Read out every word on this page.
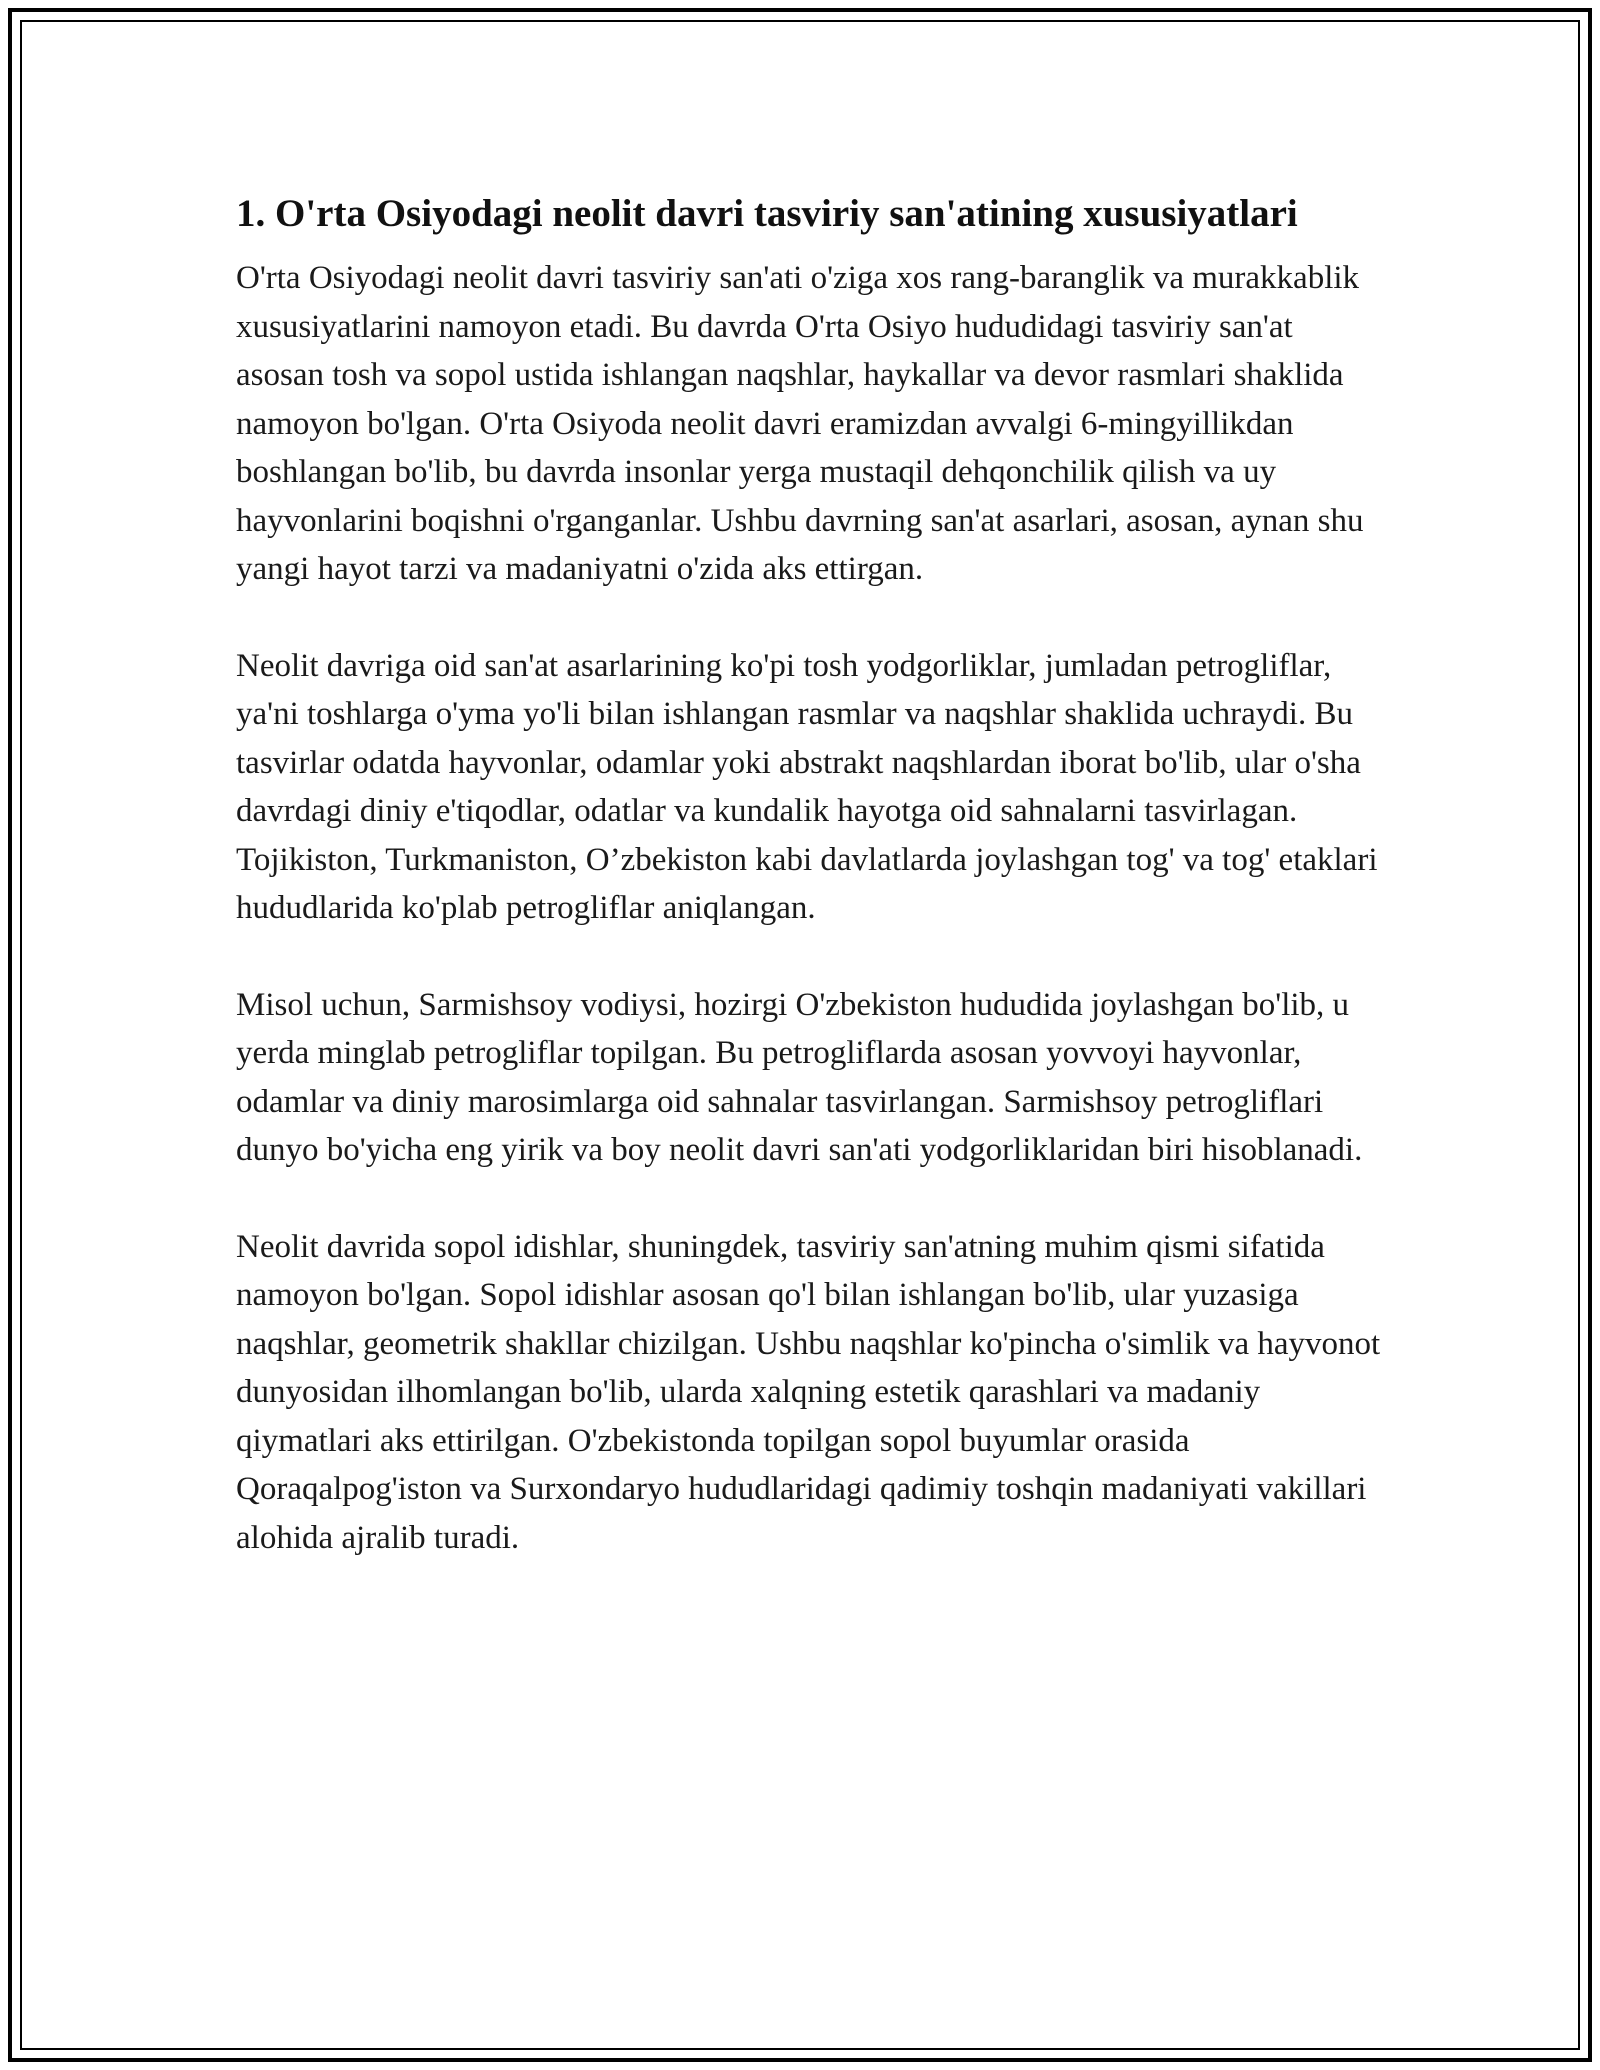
1. O'rta Osiyodagi neolit davri tasviriy san'atining xususiyatlari

O'rta Osiyodagi neolit davri tasviriy san'ati o'ziga xos rang-baranglik va murakkablik xususiyatlarini namoyon etadi. Bu davrda O'rta Osiyo hududidagi tasviriy san'at asosan tosh va sopol ustida ishlangan naqshlar, haykallar va devor rasmlari shaklida namoyon bo'lgan. O'rta Osiyoda neolit davri eramizdan avvalgi 6-mingyillikdan boshlangan bo'lib, bu davrda insonlar yerga mustaqil dehqonchilik qilish va uy hayvonlarini boqishni o'rganganlar. Ushbu davrning san'at asarlari, asosan, aynan shu yangi hayot tarzi va madaniyatni o'zida aks ettirgan.

Neolit davriga oid san'at asarlarining ko'pi tosh yodgorliklar, jumladan petrogliflar, ya'ni toshlarga o'yma yo'li bilan ishlangan rasmlar va naqshlar shaklida uchraydi. Bu tasvirlar odatda hayvonlar, odamlar yoki abstrakt naqshlardan iborat bo'lib, ular o'sha davrdagi diniy e'tiqodlar, odatlar va kundalik hayotga oid sahnalarni tasvirlagan. Tojikiston, Turkmaniston, O’zbekiston kabi davlatlarda joylashgan tog' va tog' etaklari hududlarida ko'plab petrogliflar aniqlangan.

Misol uchun, Sarmishsoy vodiysi, hozirgi O'zbekiston hududida joylashgan bo'lib, u yerda minglab petrogliflar topilgan. Bu petrogliflarda asosan yovvoyi hayvonlar, odamlar va diniy marosimlarga oid sahnalar tasvirlangan. Sarmishsoy petrogliflari dunyo bo'yicha eng yirik va boy neolit davri san'ati yodgorliklaridan biri hisoblanadi.

Neolit davrida sopol idishlar, shuningdek, tasviriy san'atning muhim qismi sifatida namoyon bo'lgan. Sopol idishlar asosan qo'l bilan ishlangan bo'lib, ular yuzasiga naqshlar, geometrik shakllar chizilgan. Ushbu naqshlar ko'pincha o'simlik va hayvonot dunyosidan ilhomlangan bo'lib, ularda xalqning estetik qarashlari va madaniy qiymatlari aks ettirilgan. O'zbekistonda topilgan sopol buyumlar orasida Qoraqalpog'iston va Surxondaryo hududlaridagi qadimiy toshqin madaniyati vakillari alohida ajralib turadi.
